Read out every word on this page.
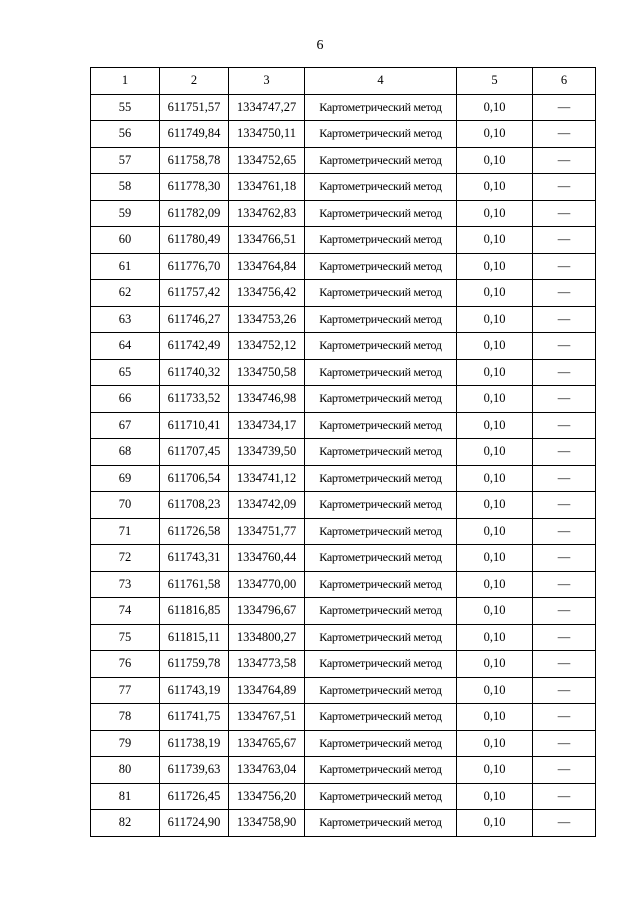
6
1	2	3	4	5	6
55	611751,57	1334747,27	Картометрический метод	0,10	—
56	611749,84	1334750,11	Картометрический метод	0,10	—
57	611758,78	1334752,65	Картометрический метод	0,10	—
58	611778,30	1334761,18	Картометрический метод	0,10	—
59	611782,09	1334762,83	Картометрический метод	0,10	—
60	611780,49	1334766,51	Картометрический метод	0,10	—
61	611776,70	1334764,84	Картометрический метод	0,10	—
62	611757,42	1334756,42	Картометрический метод	0,10	—
63	611746,27	1334753,26	Картометрический метод	0,10	—
64	611742,49	1334752,12	Картометрический метод	0,10	—
65	611740,32	1334750,58	Картометрический метод	0,10	—
66	611733,52	1334746,98	Картометрический метод	0,10	—
67	611710,41	1334734,17	Картометрический метод	0,10	—
68	611707,45	1334739,50	Картометрический метод	0,10	—
69	611706,54	1334741,12	Картометрический метод	0,10	—
70	611708,23	1334742,09	Картометрический метод	0,10	—
71	611726,58	1334751,77	Картометрический метод	0,10	—
72	611743,31	1334760,44	Картометрический метод	0,10	—
73	611761,58	1334770,00	Картометрический метод	0,10	—
74	611816,85	1334796,67	Картометрический метод	0,10	—
75	611815,11	1334800,27	Картометрический метод	0,10	—
76	611759,78	1334773,58	Картометрический метод	0,10	—
77	611743,19	1334764,89	Картометрический метод	0,10	—
78	611741,75	1334767,51	Картометрический метод	0,10	—
79	611738,19	1334765,67	Картометрический метод	0,10	—
80	611739,63	1334763,04	Картометрический метод	0,10	—
81	611726,45	1334756,20	Картометрический метод	0,10	—
82	611724,90	1334758,90	Картометрический метод	0,10	—
